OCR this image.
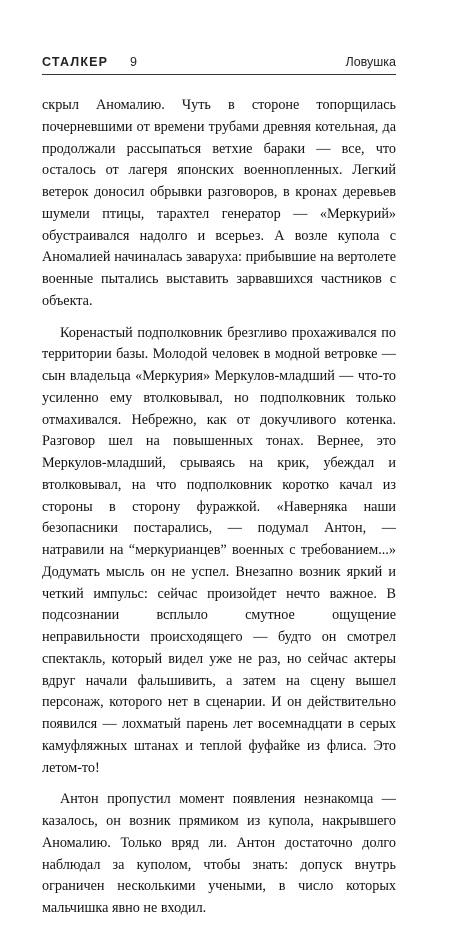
СТАЛКЕР 9	Ловушка

скрыл Аномалию. Чуть в стороне топорщилась почерневшими от времени трубами древняя котельная, да продолжали рассыпаться ветхие бараки — все, что осталось от лагеря японских военнопленных. Легкий ветерок доносил обрывки разговоров, в кронах деревьев шумели птицы, тарахтел генератор — «Меркурий» обустраивался надолго и всерьез. А возле купола с Аномалией начиналась заваруха: прибывшие на вертолете военные пытались выставить зарвавшихся частников с объекта.

Коренастый подполковник брезгливо прохаживался по территории базы. Молодой человек в модной ветровке — сын владельца «Меркурия» Меркулов-младший — что-то усиленно ему втолковывал, но подполковник только отмахивался. Небрежно, как от докучливого котенка. Разговор шел на повышенных тонах. Вернее, это Меркулов-младший, срываясь на крик, убеждал и втолковывал, на что подполковник коротко качал из стороны в сторону фуражкой. «Наверняка наши безопасники постарались, — подумал Антон, — натравили на “меркурианцев” военных с требованием...» Додумать мысль он не успел. Внезапно возник яркий и четкий импульс: сейчас произойдет нечто важное. В подсознании всплыло смутное ощущение неправильности происходящего — будто он смотрел спектакль, который видел уже не раз, но сейчас актеры вдруг начали фальшивить, а затем на сцену вышел персонаж, которого нет в сценарии. И он действительно появился — лохматый парень лет восемнадцати в серых камуфляжных штанах и теплой фуфайке из флиса. Это летом-то!

Антон пропустил момент появления незнакомца — казалось, он возник прямиком из купола, накрывшего Аномалию. Только вряд ли. Антон достаточно долго наблюдал за куполом, чтобы знать: допуск внутрь ограничен несколькими учеными, в число которых мальчишка явно не входил.
